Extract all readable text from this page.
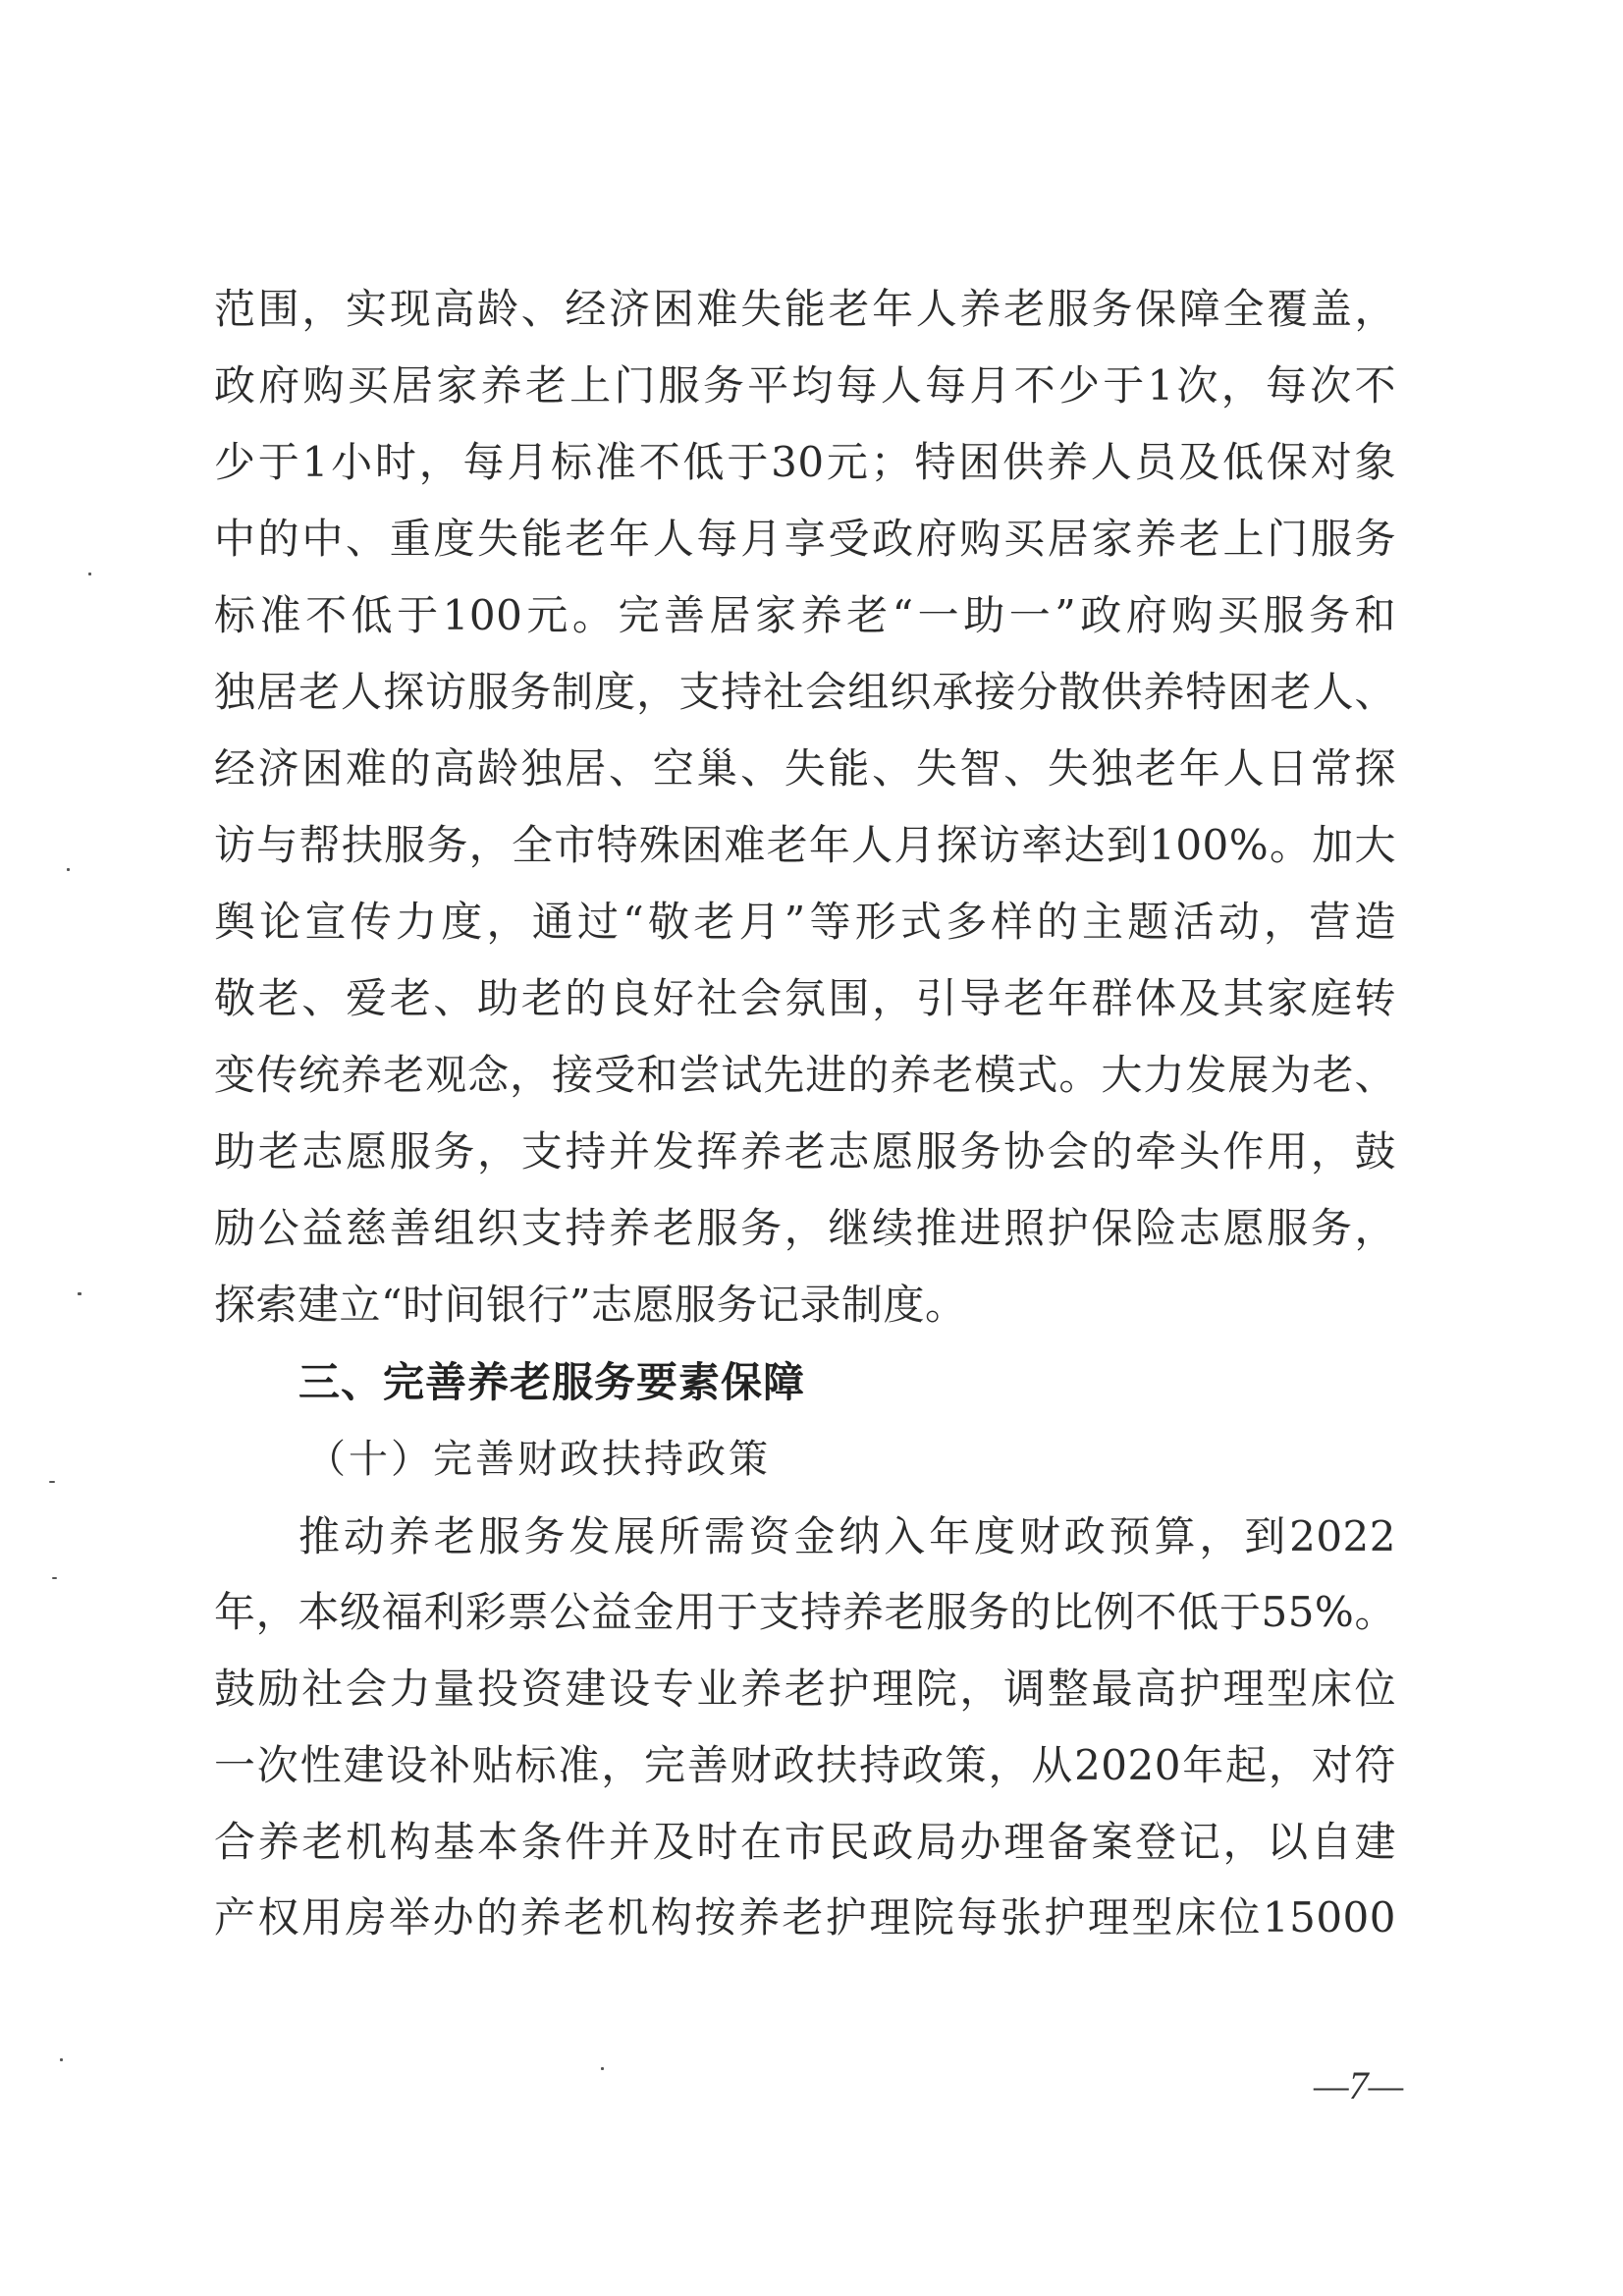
范围，实现高龄、经济困难失能老年人养老服务保障全覆盖，
政府购买居家养老上门服务平均每人每月不少于1次，每次不
少于1小时，每月标准不低于30元；特困供养人员及低保对象
中的中、重度失能老年人每月享受政府购买居家养老上门服务
标准不低于100元。完善居家养老“一助一”政府购买服务和
独居老人探访服务制度，支持社会组织承接分散供养特困老人、
经济困难的高龄独居、空巢、失能、失智、失独老年人日常探
访与帮扶服务，全市特殊困难老年人月探访率达到100%。加大
舆论宣传力度，通过“敬老月”等形式多样的主题活动，营造
敬老、爱老、助老的良好社会氛围，引导老年群体及其家庭转
变传统养老观念，接受和尝试先进的养老模式。大力发展为老、
助老志愿服务，支持并发挥养老志愿服务协会的牵头作用，鼓
励公益慈善组织支持养老服务，继续推进照护保险志愿服务，
探索建立“时间银行”志愿服务记录制度。
三、完善养老服务要素保障
（十）完善财政扶持政策
推动养老服务发展所需资金纳入年度财政预算，到2022
年，本级福利彩票公益金用于支持养老服务的比例不低于55%。
鼓励社会力量投资建设专业养老护理院，调整最高护理型床位
一次性建设补贴标准，完善财政扶持政策，从2020年起，对符
合养老机构基本条件并及时在市民政局办理备案登记，以自建
产权用房举办的养老机构按养老护理院每张护理型床位15000
—7—
